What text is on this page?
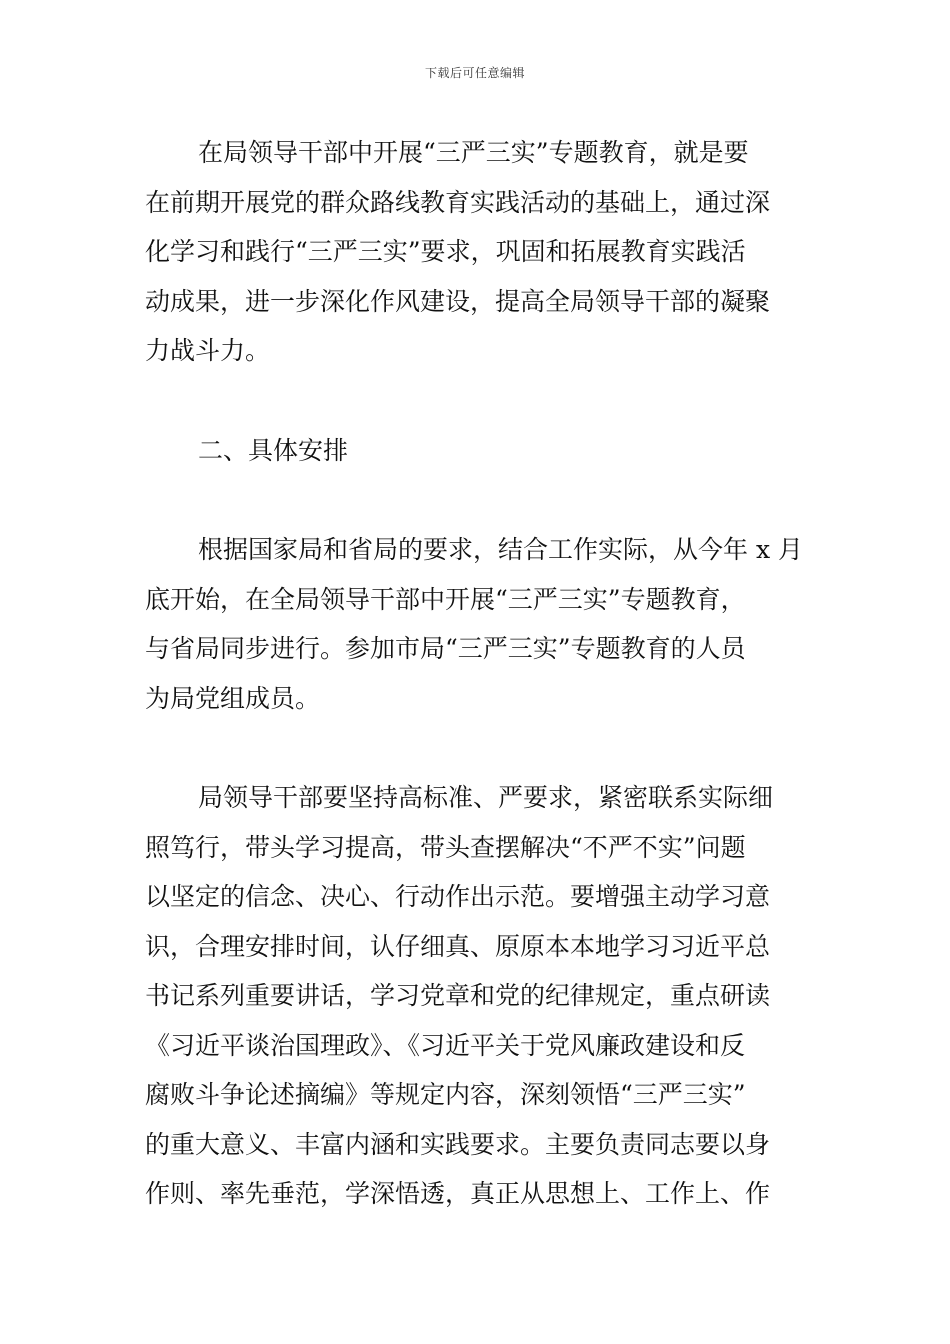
下载后可任意编辑
在局领导干部中开展“三严三实”专题教育，就是要
在前期开展党的群众路线教育实践活动的基础上，通过深
化学习和践行“三严三实”要求，巩固和拓展教育实践活
动成果，进一步深化作风建设，提高全局领导干部的凝聚
力战斗力。
二、具体安排
根据国家局和省局的要求，结合工作实际，从今年 x 月
底开始，在全局领导干部中开展“三严三实”专题教育，
与省局同步进行。参加市局“三严三实”专题教育的人员
为局党组成员。
局领导干部要坚持高标准、严要求，紧密联系实际细
照笃行，带头学习提高，带头查摆解决“不严不实”问题
以坚定的信念、决心、行动作出示范。要增强主动学习意
识，合理安排时间，认仔细真、原原本本地学习习近平总
书记系列重要讲话，学习党章和党的纪律规定，重点研读
《习近平谈治国理政》、《习近平关于党风廉政建设和反
腐败斗争论述摘编》等规定内容，深刻领悟“三严三实”
的重大意义、丰富内涵和实践要求。主要负责同志要以身
作则、率先垂范，学深悟透，真正从思想上、工作上、作
